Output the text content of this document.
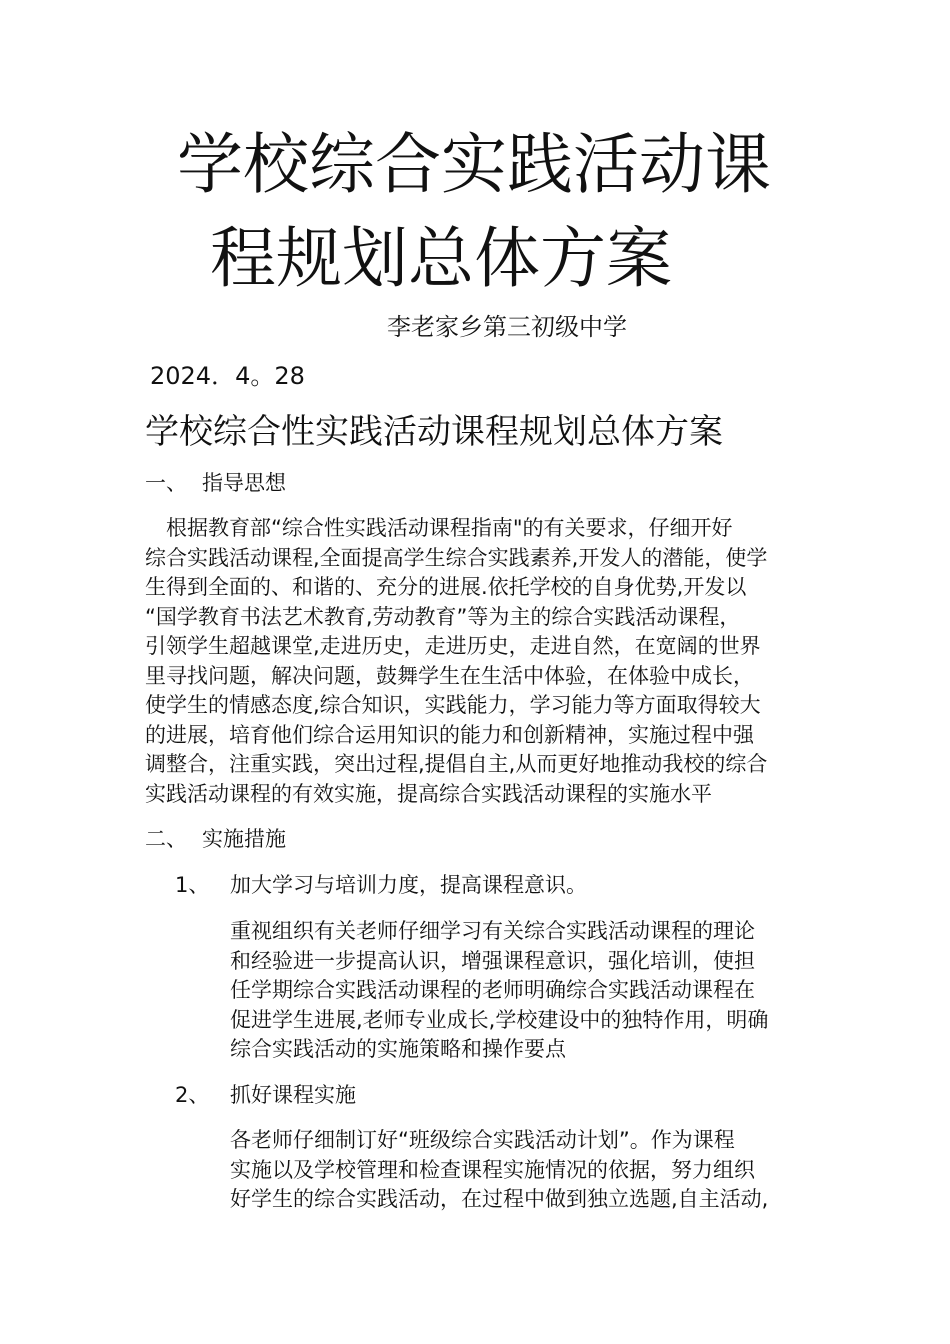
学校综合实践活动课
程规划总体方案
李老家乡第三初级中学
2024．4。28
学校综合性实践活动课程规划总体方案
一、 指导思想
　根据教育部“综合性实践活动课程指南"的有关要求，仔细开好
综合实践活动课程,全面提高学生综合实践素养,开发人的潜能，使学
生得到全面的、和谐的、充分的进展.依托学校的自身优势,开发以
“国学教育书法艺术教育,劳动教育”等为主的综合实践活动课程，
引领学生超越课堂,走进历史，走进历史，走进自然，在宽阔的世界
里寻找问题，解决问题，鼓舞学生在生活中体验，在体验中成长，
使学生的情感态度,综合知识，实践能力，学习能力等方面取得较大
的进展，培育他们综合运用知识的能力和创新精神，实施过程中强
调整合，注重实践，突出过程,提倡自主,从而更好地推动我校的综合
实践活动课程的有效实施，提高综合实践活动课程的实施水平
二、 实施措施
1、 加大学习与培训力度，提高课程意识。
重视组织有关老师仔细学习有关综合实践活动课程的理论
和经验进一步提高认识，增强课程意识，强化培训，使担
任学期综合实践活动课程的老师明确综合实践活动课程在
促进学生进展,老师专业成长,学校建设中的独特作用，明确
综合实践活动的实施策略和操作要点
2、 抓好课程实施
各老师仔细制订好“班级综合实践活动计划”。作为课程
实施以及学校管理和检查课程实施情况的依据，努力组织
好学生的综合实践活动，在过程中做到独立选题,自主活动,
